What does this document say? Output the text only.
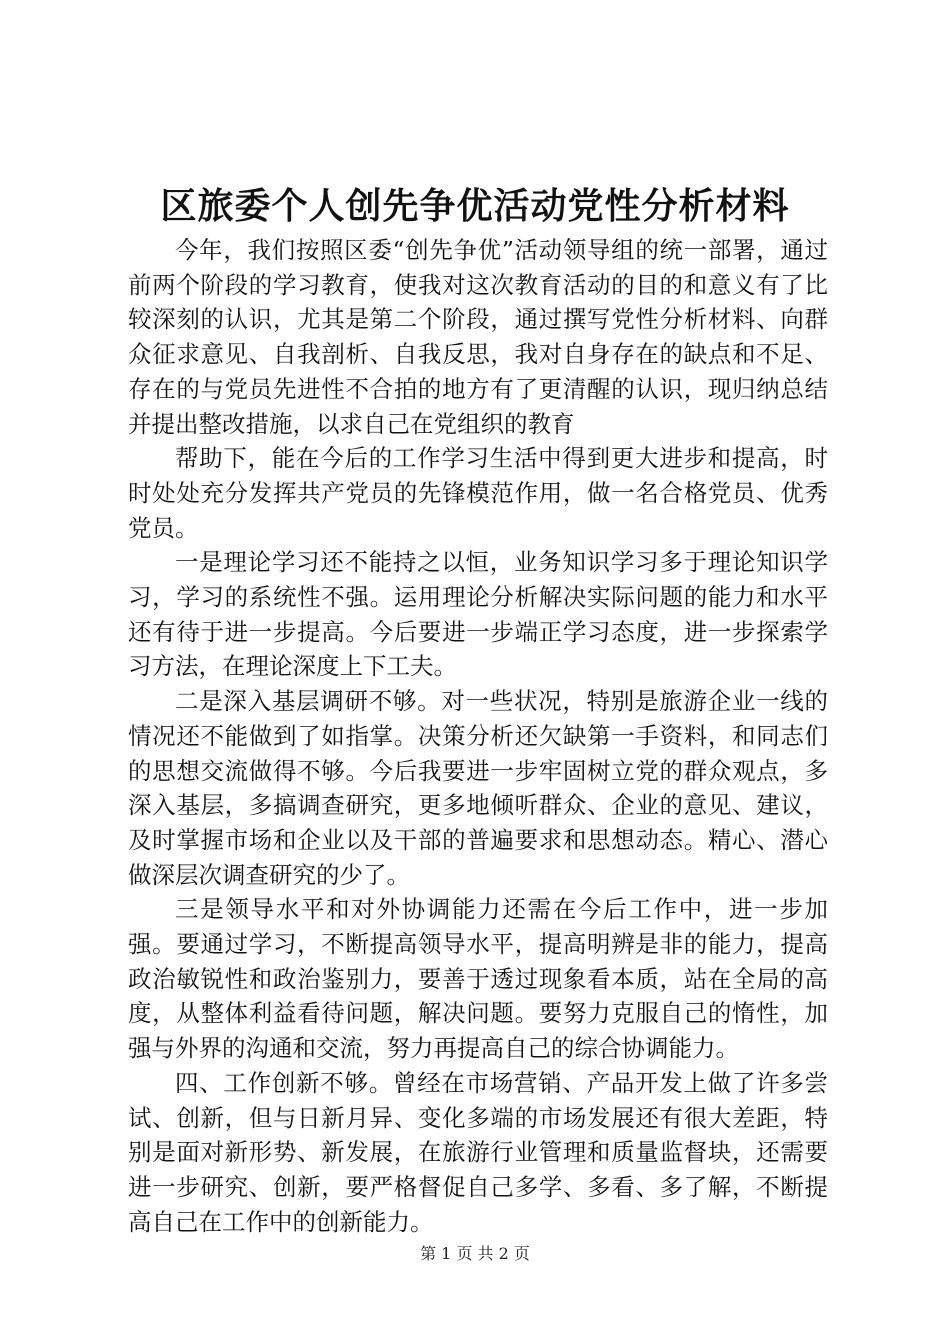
区旅委个人创先争优活动党性分析材料

今年，我们按照区委“创先争优”活动领导组的统一部署，通过前两个阶段的学习教育，使我对这次教育活动的目的和意义有了比较深刻的认识，尤其是第二个阶段，通过撰写党性分析材料、向群众征求意见、自我剖析、自我反思，我对自身存在的缺点和不足、存在的与党员先进性不合拍的地方有了更清醒的认识，现归纳总结并提出整改措施，以求自己在党组织的教育

帮助下，能在今后的工作学习生活中得到更大进步和提高，时时处处充分发挥共产党员的先锋模范作用，做一名合格党员、优秀党员。

一是理论学习还不能持之以恒，业务知识学习多于理论知识学习，学习的系统性不强。运用理论分析解决实际问题的能力和水平还有待于进一步提高。今后要进一步端正学习态度，进一步探索学习方法，在理论深度上下工夫。

二是深入基层调研不够。对一些状况，特别是旅游企业一线的情况还不能做到了如指掌。决策分析还欠缺第一手资料，和同志们的思想交流做得不够。今后我要进一步牢固树立党的群众观点，多深入基层，多搞调查研究，更多地倾听群众、企业的意见、建议，及时掌握市场和企业以及干部的普遍要求和思想动态。精心、潜心做深层次调查研究的少了。

三是领导水平和对外协调能力还需在今后工作中，进一步加强。要通过学习，不断提高领导水平，提高明辨是非的能力，提高政治敏锐性和政治鉴别力，要善于透过现象看本质，站在全局的高度，从整体利益看待问题，解决问题。要努力克服自己的惰性，加强与外界的沟通和交流，努力再提高自己的综合协调能力。

四、工作创新不够。曾经在市场营销、产品开发上做了许多尝试、创新，但与日新月异、变化多端的市场发展还有很大差距，特别是面对新形势、新发展，在旅游行业管理和质量监督块，还需要进一步研究、创新，要严格督促自己多学、多看、多了解，不断提高自己在工作中的创新能力。

第 1 页 共 2 页
